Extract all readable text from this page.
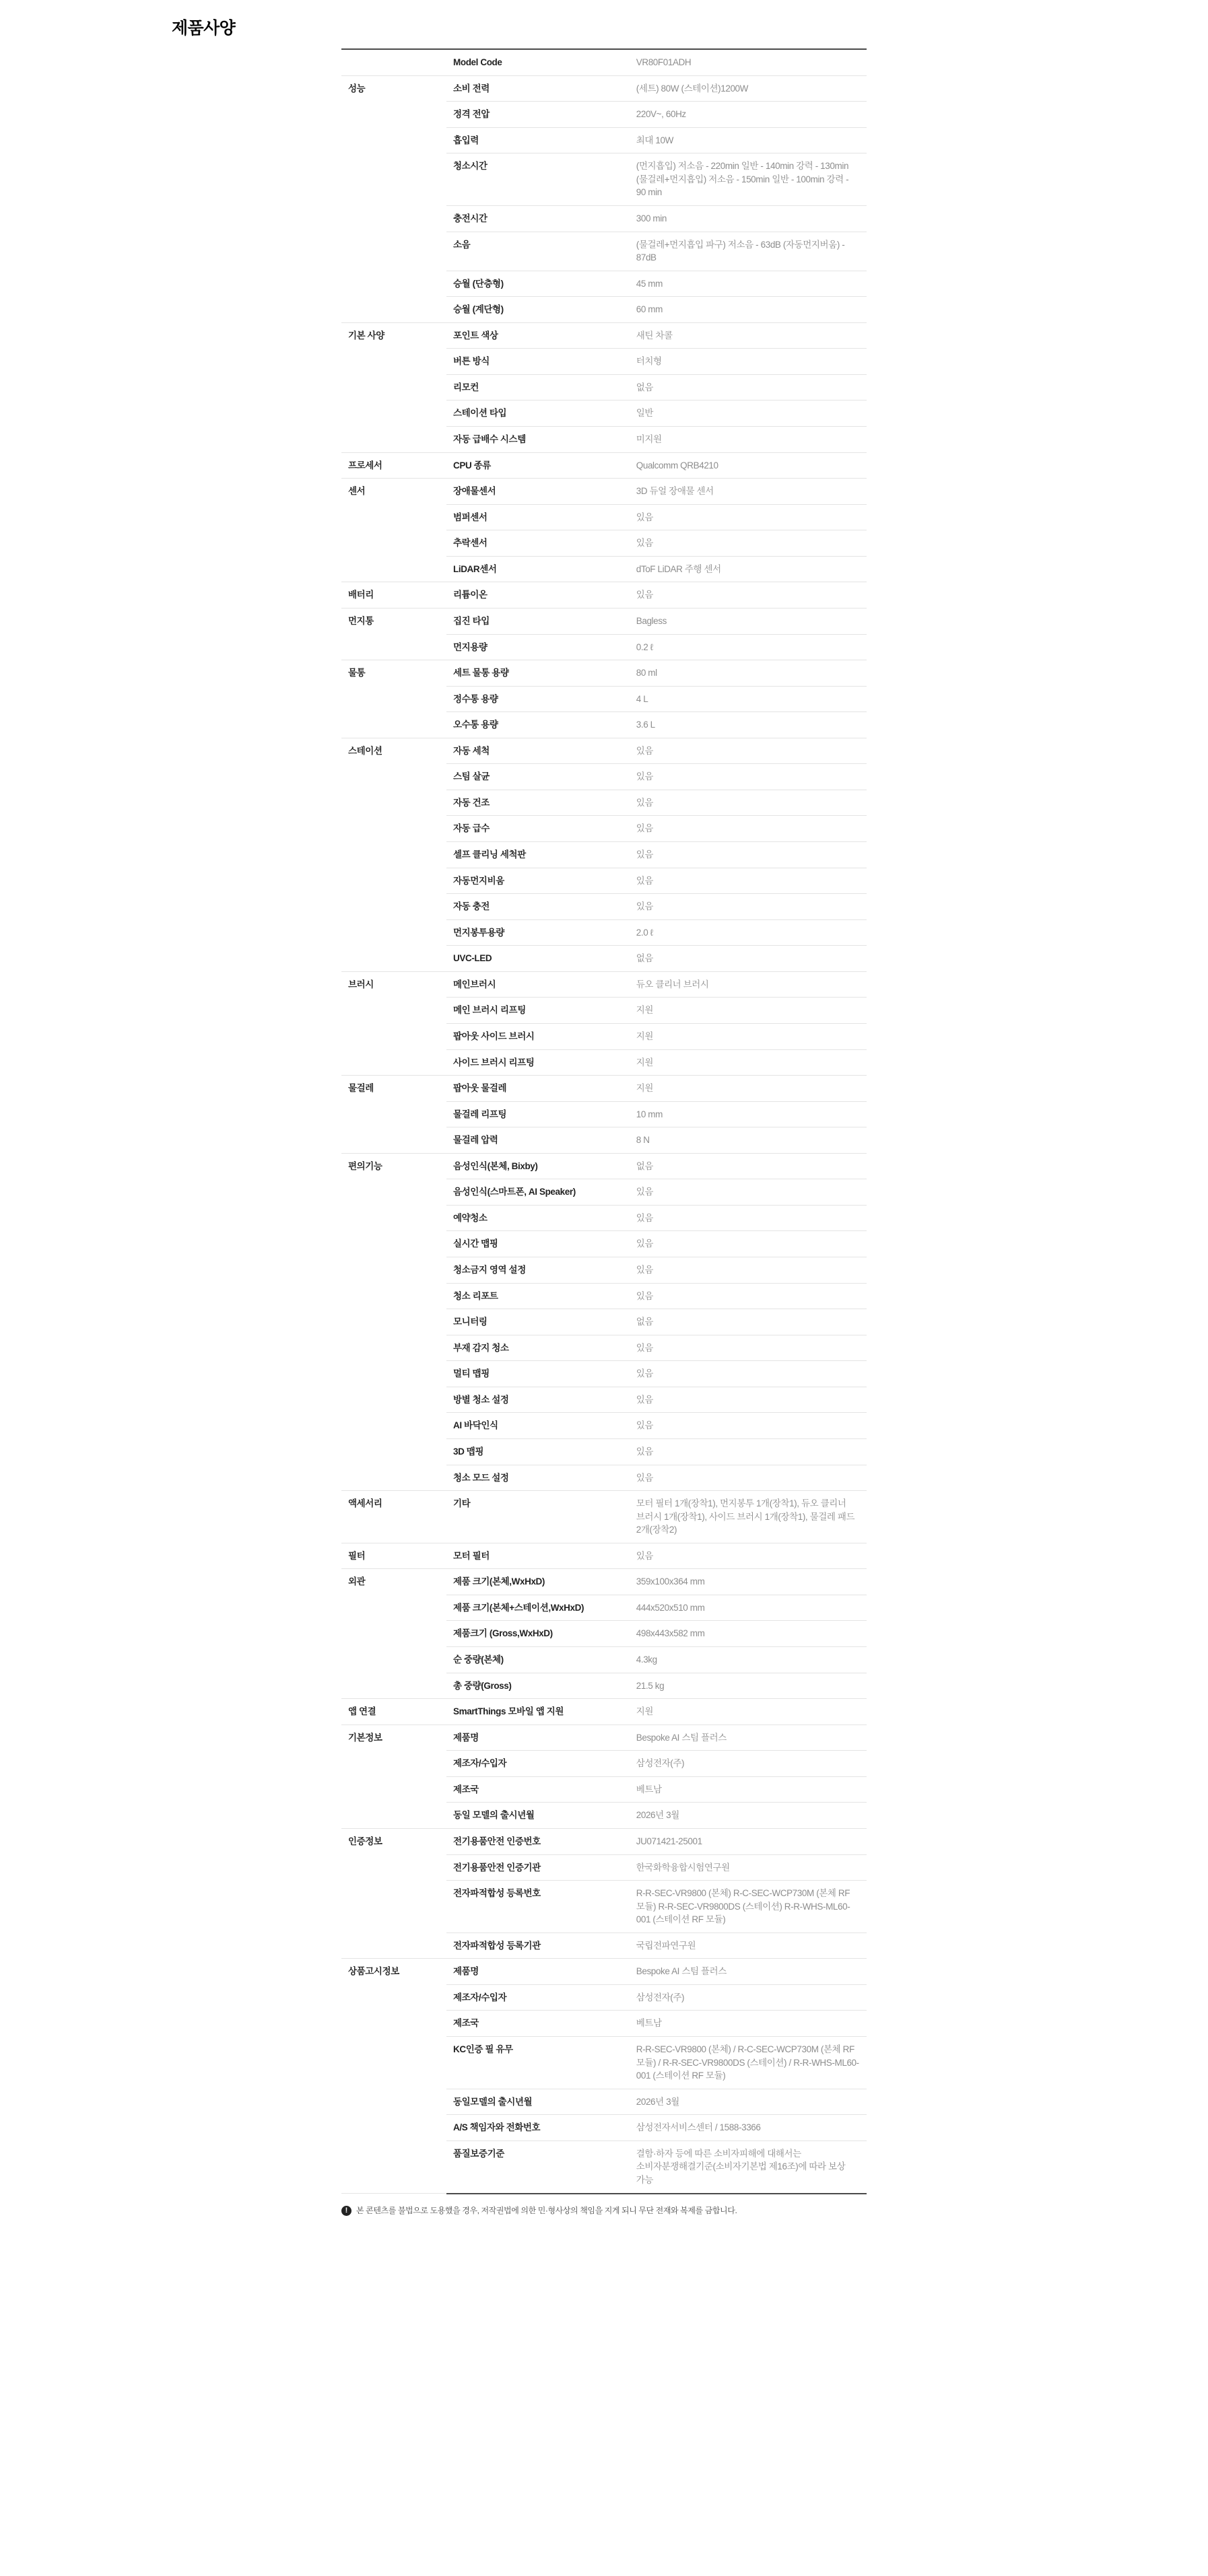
제품사양
	Model Code	VR80F01ADH
성능	소비 전력	(세트) 80W (스테이션)1200W
	정격 전압	220V~, 60Hz
	흡입력	최대 10W
	청소시간	(먼지흡입) 저소음 - 220min 일반 - 140min 강력 - 130min (물걸레+먼지흡입) 저소음 - 150min 일반 - 100min 강력 - 90 min
	충전시간	300 min
	소음	(물걸레+먼지흡입 파구) 저소음 - 63dB (자동먼지버움) - 87dB
	승월 (단층형)	45 mm
	승월 (계단형)	60 mm
기본 사양	포인트 색상	새틴 차콜
	버튼 방식	터치형
	리모컨	없음
	스테이션 타입	일반
	자동 급배수 시스템	미지원
프로세서	CPU 종류	Qualcomm QRB4210
센서	장애물센서	3D 듀얼 장애물 센서
	범퍼센서	있음
	추락센서	있음
	LiDAR센서	dToF LiDAR 주행 센서
배터리	리튬이온	있음
먼지통	집진 타입	Bagless
	먼지용량	0.2 ℓ
물통	세트 물통 용량	80 ml
	정수통 용량	4 L
	오수통 용량	3.6 L
스테이션	자동 세척	있음
	스팀 살균	있음
	자동 건조	있음
	자동 급수	있음
	셀프 클리닝 세척판	있음
	자동먼지비움	있음
	자동 충전	있음
	먼지봉투용량	2.0 ℓ
	UVC-LED	없음
브러시	메인브러시	듀오 클리너 브러시
	메인 브러시 리프팅	지원
	팝아웃 사이드 브러시	지원
	사이드 브러시 리프팅	지원
물걸레	팝아웃 물걸레	지원
	물걸레 리프팅	10 mm
	물걸레 압력	8 N
편의기능	음성인식(본체, Bixby)	없음
	음성인식(스마트폰, AI Speaker)	있음
	예약청소	있음
	실시간 맵핑	있음
	청소금지 영역 설정	있음
	청소 리포트	있음
	모니터링	없음
	부재 감지 청소	있음
	멀티 맵핑	있음
	방별 청소 설정	있음
	AI 바닥인식	있음
	3D 맵핑	있음
	청소 모드 설정	있음
액세서리	기타	모터 필터 1개(장착1), 먼지봉투 1개(장착1), 듀오 클리너 브러시 1개(장착1), 사이드 브러시 1개(장착1), 물걸레 패드 2개(장착2)
필터	모터 필터	있음
외관	제품 크기(본체,WxHxD)	359x100x364 mm
	제품 크기(본체+스테이션,WxHxD)	444x520x510 mm
	제품크기 (Gross,WxHxD)	498x443x582 mm
	순 중량(본체)	4.3kg
	총 중량(Gross)	21.5 kg
앱 연결	SmartThings 모바일 앱 지원	지원
기본정보	제품명	Bespoke AI 스팀 플러스
	제조자/수입자	삼성전자(주)
	제조국	베트남
	동일 모델의 출시년월	2026년 3월
인증정보	전기용품안전 인증번호	JU071421-25001
	전기용품안전 인증기관	한국화학융합시험연구원
	전자파적합성 등록번호	R-R-SEC-VR9800 (본체) R-C-SEC-WCP730M (본체 RF 모듈) R-R-SEC-VR9800DS (스테이션) R-R-WHS-ML60-001 (스테이션 RF 모듈)
	전자파적합성 등록기관	국립전파연구원
상품고시정보	제품명	Bespoke AI 스팀 플러스
	제조자/수입자	삼성전자(주)
	제조국	베트남
	KC인증 필 유무	R-R-SEC-VR9800 (본체) / R-C-SEC-WCP730M (본체 RF 모듈) / R-R-SEC-VR9800DS (스테이션) / R-R-WHS-ML60-001 (스테이션 RF 모듈)
	동일모델의 출시년월	2026년 3월
	A/S 책임자와 전화번호	삼성전자서비스센터 / 1588-3366
	품질보증기준	결함·하자 등에 따른 소비자피해에 대해서는 소비자분쟁해결기준(소비자기본법 제16조)에 따라 보상 가능
!	본 콘텐츠를 불법으로 도용했을 경우, 저작권법에 의한 민·형사상의 책임을 지게 되니 무단 전재와 복제를 금합니다.
